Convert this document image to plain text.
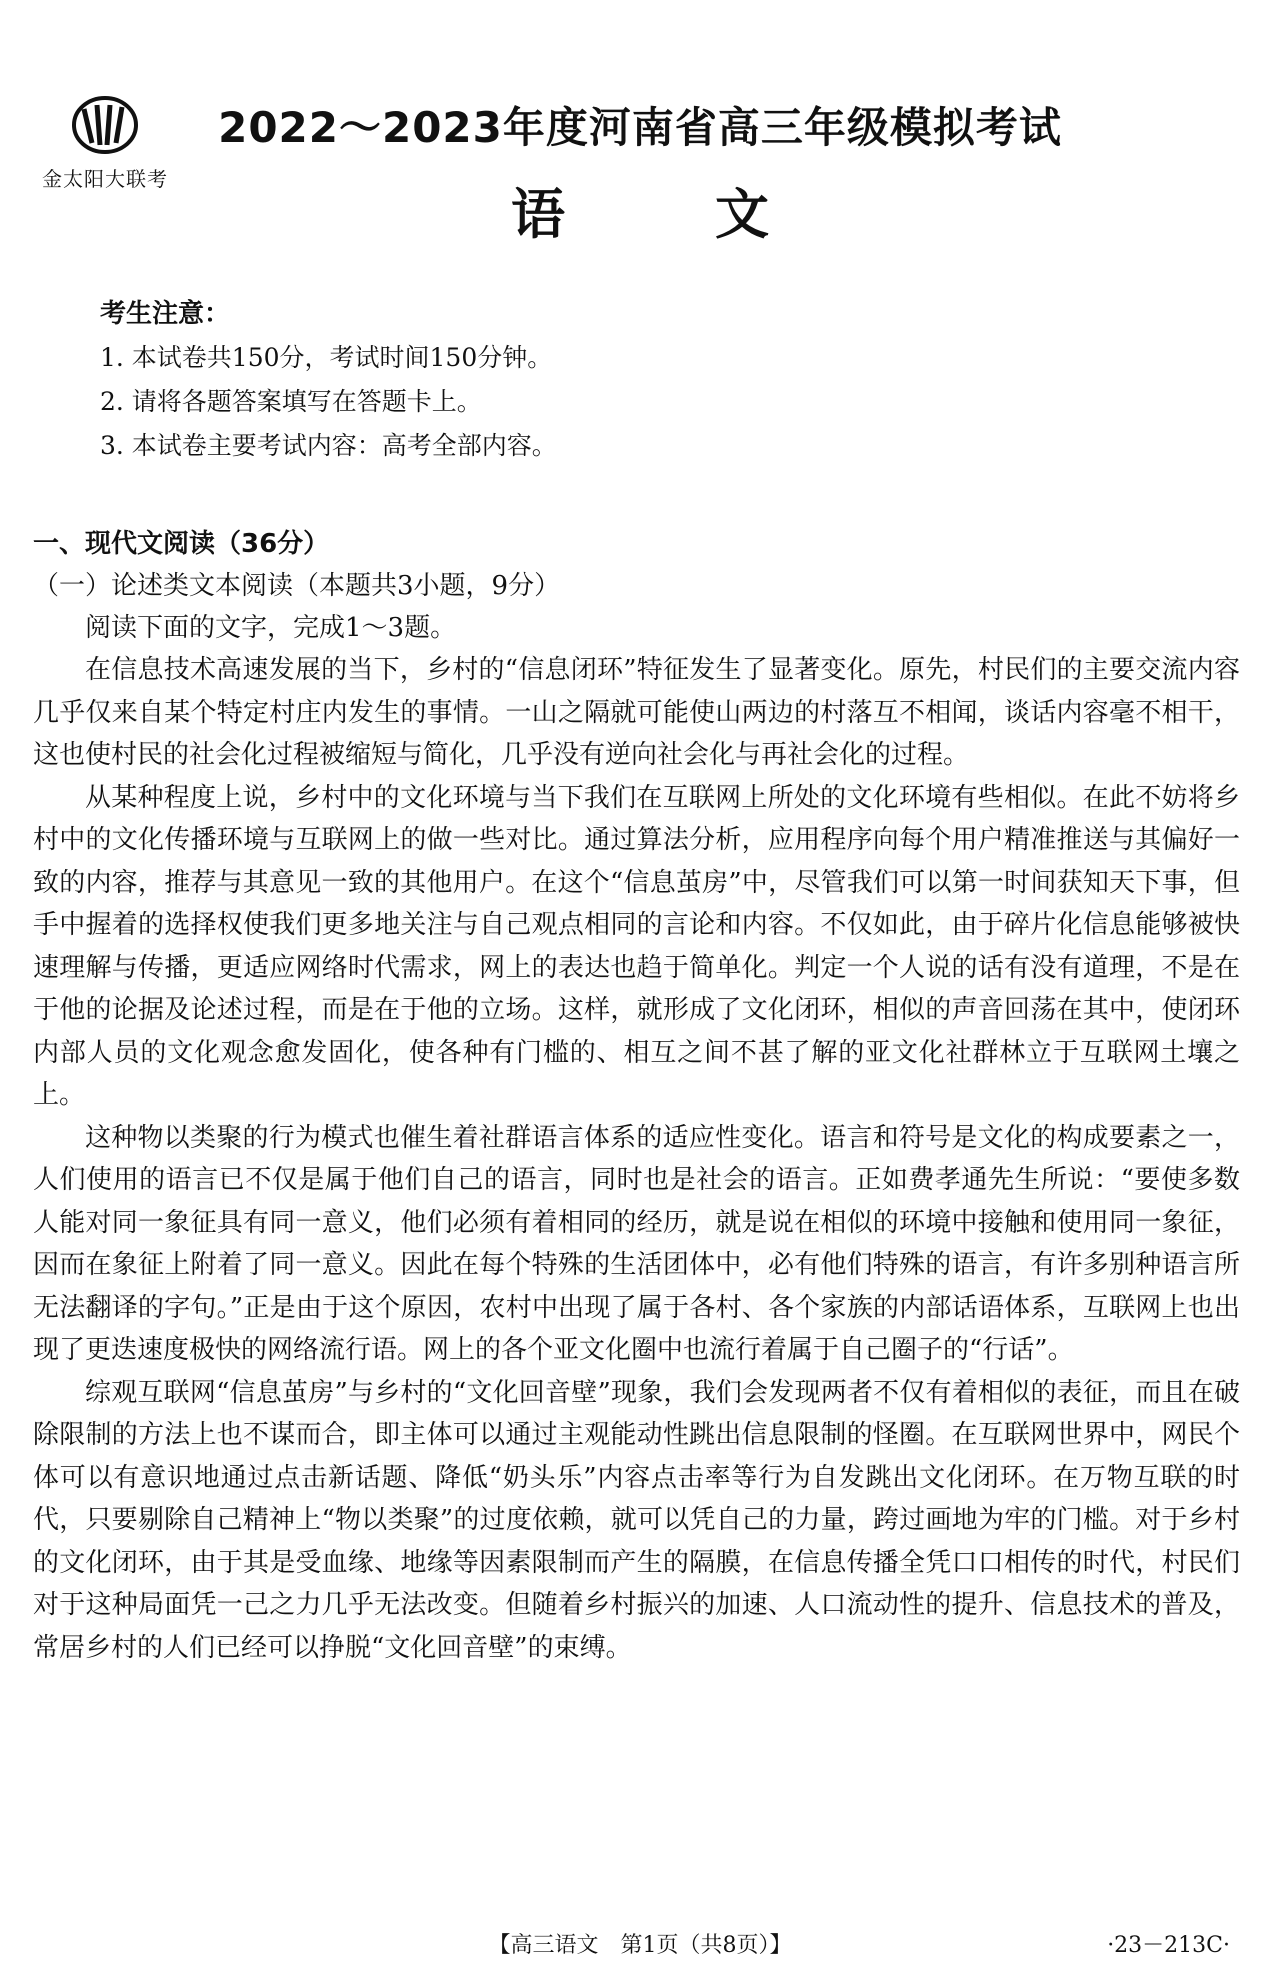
金太阳大联考
2022～2023年度河南省高三年级模拟考试
语文
考生注意：
1. 本试卷共150分，考试时间150分钟。
2. 请将各题答案填写在答题卡上。
3. 本试卷主要考试内容：高考全部内容。
一、现代文阅读（36分）
（一）论述类文本阅读（本题共3小题，9分）
阅读下面的文字，完成1～3题。

在信息技术高速发展的当下，乡村的“信息闭环”特征发生了显著变化。原先，村民们的主要交流内容几乎仅来自某个特定村庄内发生的事情。一山之隔就可能使山两边的村落互不相闻，谈话内容毫不相干，这也使村民的社会化过程被缩短与简化，几乎没有逆向社会化与再社会化的过程。

从某种程度上说，乡村中的文化环境与当下我们在互联网上所处的文化环境有些相似。在此不妨将乡村中的文化传播环境与互联网上的做一些对比。通过算法分析，应用程序向每个用户精准推送与其偏好一致的内容，推荐与其意见一致的其他用户。在这个“信息茧房”中，尽管我们可以第一时间获知天下事，但手中握着的选择权使我们更多地关注与自己观点相同的言论和内容。不仅如此，由于碎片化信息能够被快速理解与传播，更适应网络时代需求，网上的表达也趋于简单化。判定一个人说的话有没有道理，不是在于他的论据及论述过程，而是在于他的立场。这样，就形成了文化闭环，相似的声音回荡在其中，使闭环内部人员的文化观念愈发固化，使各种有门槛的、相互之间不甚了解的亚文化社群林立于互联网土壤之上。

这种物以类聚的行为模式也催生着社群语言体系的适应性变化。语言和符号是文化的构成要素之一，人们使用的语言已不仅是属于他们自己的语言，同时也是社会的语言。正如费孝通先生所说：“要使多数人能对同一象征具有同一意义，他们必须有着相同的经历，就是说在相似的环境中接触和使用同一象征，因而在象征上附着了同一意义。因此在每个特殊的生活团体中，必有他们特殊的语言，有许多别种语言所无法翻译的字句。”正是由于这个原因，农村中出现了属于各村、各个家族的内部话语体系，互联网上也出现了更迭速度极快的网络流行语。网上的各个亚文化圈中也流行着属于自己圈子的“行话”。

综观互联网“信息茧房”与乡村的“文化回音壁”现象，我们会发现两者不仅有着相似的表征，而且在破除限制的方法上也不谋而合，即主体可以通过主观能动性跳出信息限制的怪圈。在互联网世界中，网民个体可以有意识地通过点击新话题、降低“奶头乐”内容点击率等行为自发跳出文化闭环。在万物互联的时代，只要剔除自己精神上“物以类聚”的过度依赖，就可以凭自己的力量，跨过画地为牢的门槛。对于乡村的文化闭环，由于其是受血缘、地缘等因素限制而产生的隔膜，在信息传播全凭口口相传的时代，村民们对于这种局面凭一己之力几乎无法改变。但随着乡村振兴的加速、人口流动性的提升、信息技术的普及，常居乡村的人们已经可以挣脱“文化回音壁”的束缚。

【高三语文　第1页（共8页）】	·23－213C·
